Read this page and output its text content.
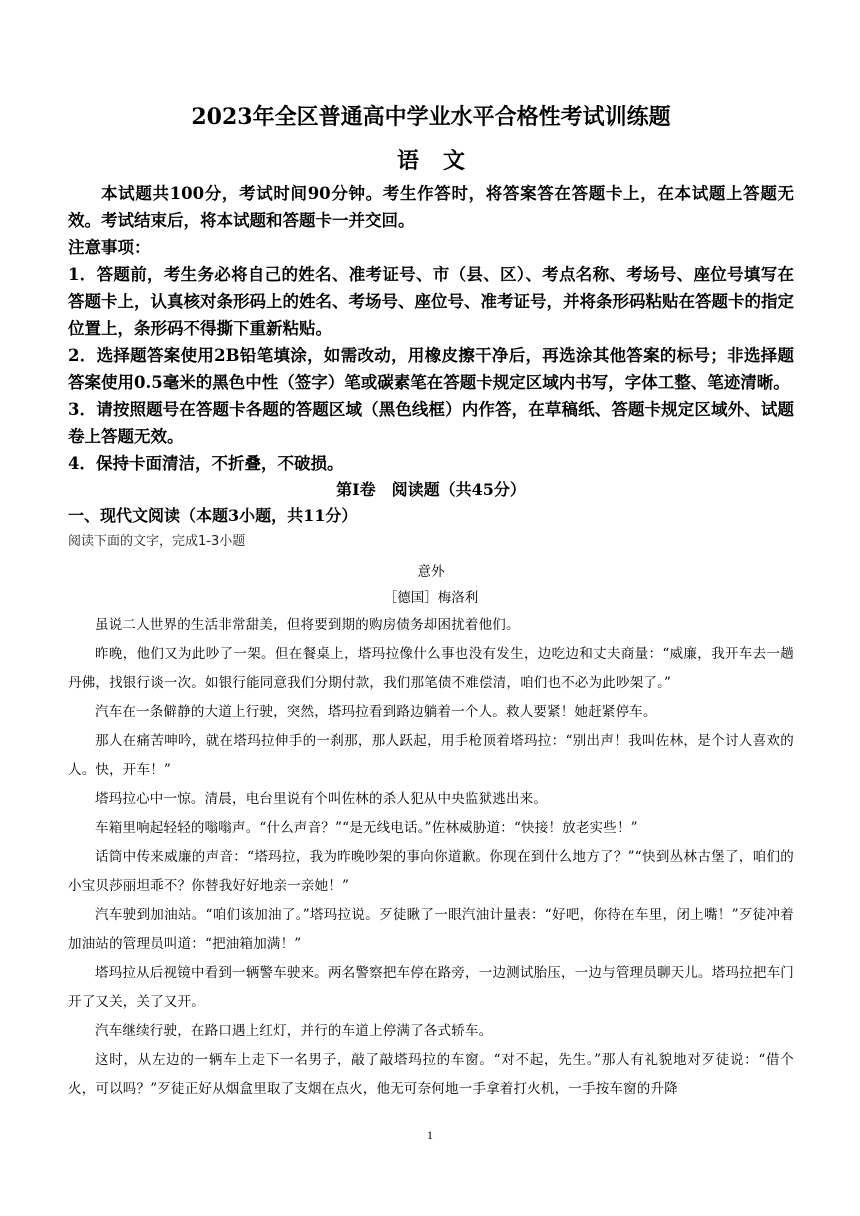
2023年全区普通高中学业水平合格性考试训练题
语文

本试题共100分，考试时间90分钟。考生作答时，将答案答在答题卡上，在本试题上答题无效。考试结束后，将本试题和答题卡一并交回。

注意事项：

1．答题前，考生务必将自己的姓名、准考证号、市（县、区）、考点名称、考场号、座位号填写在答题卡上，认真核对条形码上的姓名、考场号、座位号、准考证号，并将条形码粘贴在答题卡的指定位置上，条形码不得撕下重新粘贴。

2．选择题答案使用2B铅笔填涂，如需改动，用橡皮擦干净后，再选涂其他答案的标号；非选择题答案使用0.5毫米的黑色中性（签字）笔或碳素笔在答题卡规定区域内书写，字体工整、笔迹清晰。

3．请按照题号在答题卡各题的答题区域（黑色线框）内作答，在草稿纸、答题卡规定区域外、试题卷上答题无效。

4．保持卡面清洁，不折叠，不破损。

第Ⅰ卷　阅读题（共45分）

一、现代文阅读（本题3小题，共11分）

阅读下面的文字，完成1-3小题

意外

［德国］梅洛利

虽说二人世界的生活非常甜美，但将要到期的购房债务却困扰着他们。

昨晚，他们又为此吵了一架。但在餐桌上，塔玛拉像什么事也没有发生，边吃边和丈夫商量：“威廉，我开车去一趟丹佛，找银行谈一次。如银行能同意我们分期付款，我们那笔债不难偿清，咱们也不必为此吵架了。”

汽车在一条僻静的大道上行驶，突然，塔玛拉看到路边躺着一个人。救人要紧！她赶紧停车。

那人在痛苦呻吟，就在塔玛拉伸手的一刹那，那人跃起，用手枪顶着塔玛拉：“别出声！我叫佐林，是个讨人喜欢的人。快，开车！”

塔玛拉心中一惊。清晨，电台里说有个叫佐林的杀人犯从中央监狱逃出来。

车箱里响起轻轻的嗡嗡声。“什么声音？”“是无线电话。”佐林威胁道：“快接！放老实些！”

话筒中传来威廉的声音：“塔玛拉，我为昨晚吵架的事向你道歉。你现在到什么地方了？”“快到丛林古堡了，咱们的小宝贝莎丽坦乖不？你替我好好地亲一亲她！”

汽车驶到加油站。“咱们该加油了。”塔玛拉说。歹徒瞅了一眼汽油计量表：“好吧，你待在车里，闭上嘴！”歹徒冲着加油站的管理员叫道：“把油箱加满！”

塔玛拉从后视镜中看到一辆警车驶来。两名警察把车停在路旁，一边测试胎压，一边与管理员聊天儿。塔玛拉把车门开了又关，关了又开。

汽车继续行驶，在路口遇上红灯，并行的车道上停满了各式轿车。

这时，从左边的一辆车上走下一名男子，敲了敲塔玛拉的车窗。“对不起，先生。”那人有礼貌地对歹徒说：“借个火，可以吗？”歹徒正好从烟盒里取了支烟在点火，他无可奈何地一手拿着打火机，一手按车窗的升降

1
